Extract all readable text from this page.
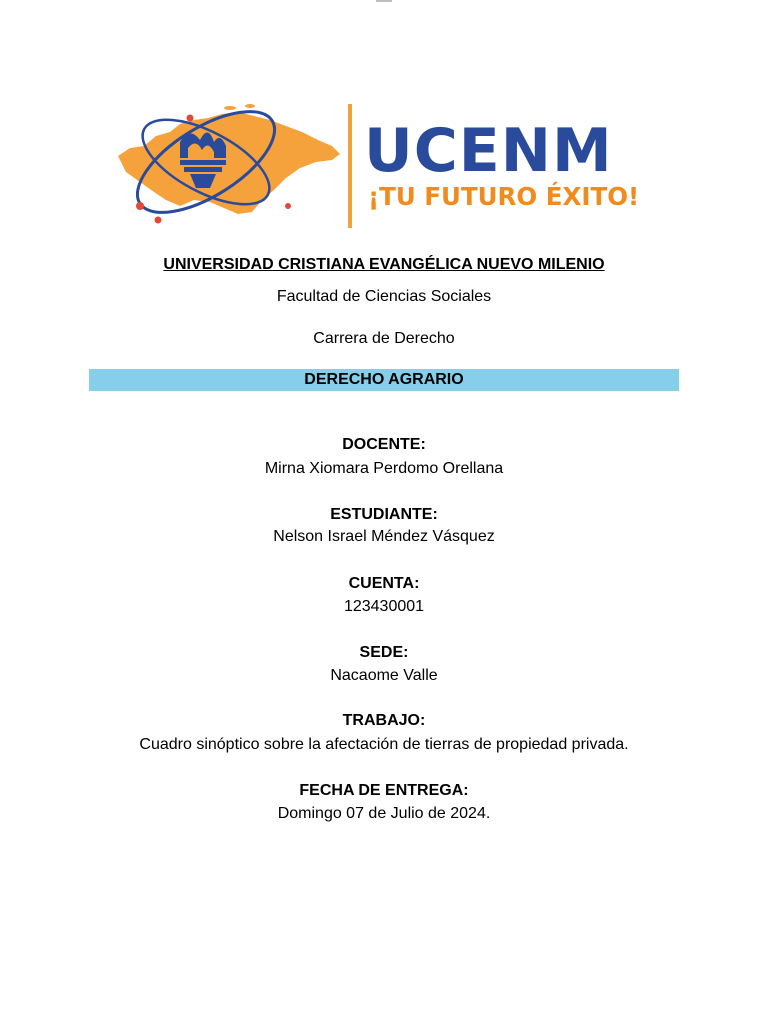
UCENM
¡TU FUTURO ÉXITO!
UNIVERSIDAD CRISTIANA EVANGÉLICA NUEVO MILENIO
Facultad de Ciencias Sociales
Carrera de Derecho
DERECHO AGRARIO
DOCENTE:
Mirna Xiomara Perdomo Orellana
ESTUDIANTE:
Nelson Israel Méndez Vásquez
CUENTA:
123430001
SEDE:
Nacaome Valle
TRABAJO:
Cuadro sinóptico sobre la afectación de tierras de propiedad privada.
FECHA DE ENTREGA:
Domingo 07 de Julio de 2024.
